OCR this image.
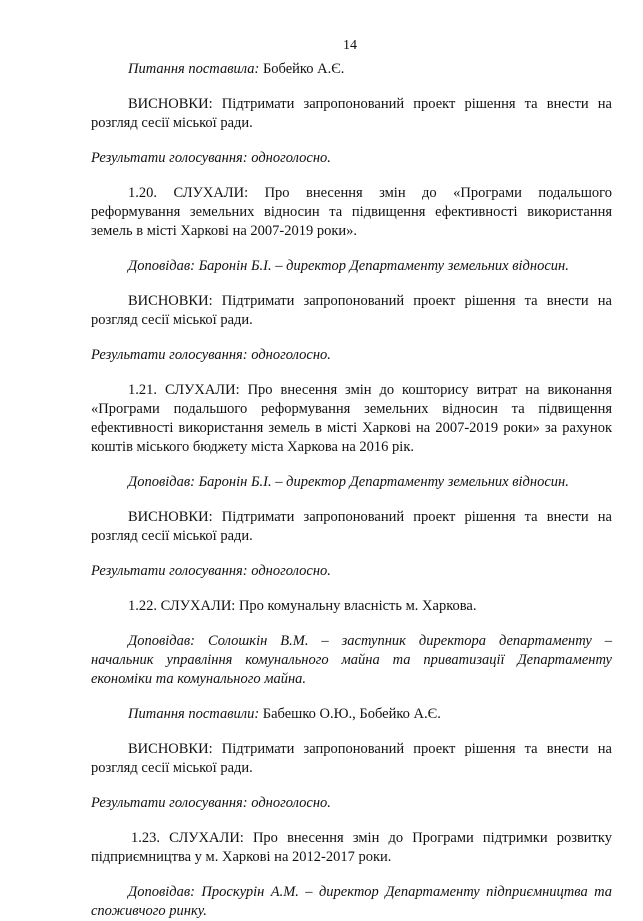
14

Питання поставила: Бобейко А.Є.

ВИСНОВКИ: Підтримати запропонований проект рішення та внести на розгляд сесії міської ради.

Результати голосування: одноголосно.

1.20. СЛУХАЛИ: Про внесення змін до «Програми подальшого реформування земельних відносин та підвищення ефективності використання земель в місті Харкові на 2007-2019 роки».

Доповідав: Баронін Б.І. – директор Департаменту земельних відносин.

ВИСНОВКИ: Підтримати запропонований проект рішення та внести на розгляд сесії міської ради.

Результати голосування: одноголосно.

1.21. СЛУХАЛИ: Про внесення змін до кошторису витрат на виконання «Програми подальшого реформування земельних відносин та підвищення ефективності використання земель в місті Харкові на 2007-2019 роки» за рахунок коштів міського бюджету міста Харкова на 2016 рік.

Доповідав: Баронін Б.І. – директор Департаменту земельних відносин.

ВИСНОВКИ: Підтримати запропонований проект рішення та внести на розгляд сесії міської ради.

Результати голосування: одноголосно.

1.22. СЛУХАЛИ: Про комунальну власність м. Харкова.

Доповідав: Солошкін В.М. – заступник директора департаменту – начальник управління комунального майна та приватизації Департаменту економіки та комунального майна.

Питання поставили: Бабешко О.Ю., Бобейко А.Є.

ВИСНОВКИ: Підтримати запропонований проект рішення та внести на розгляд сесії міської ради.

Результати голосування: одноголосно.

1.23. СЛУХАЛИ: Про внесення змін до Програми підтримки розвитку підприємництва у м. Харкові на 2012-2017 роки.

Доповідав: Проскурін А.М. – директор Департаменту підприємництва та споживчого ринку.
